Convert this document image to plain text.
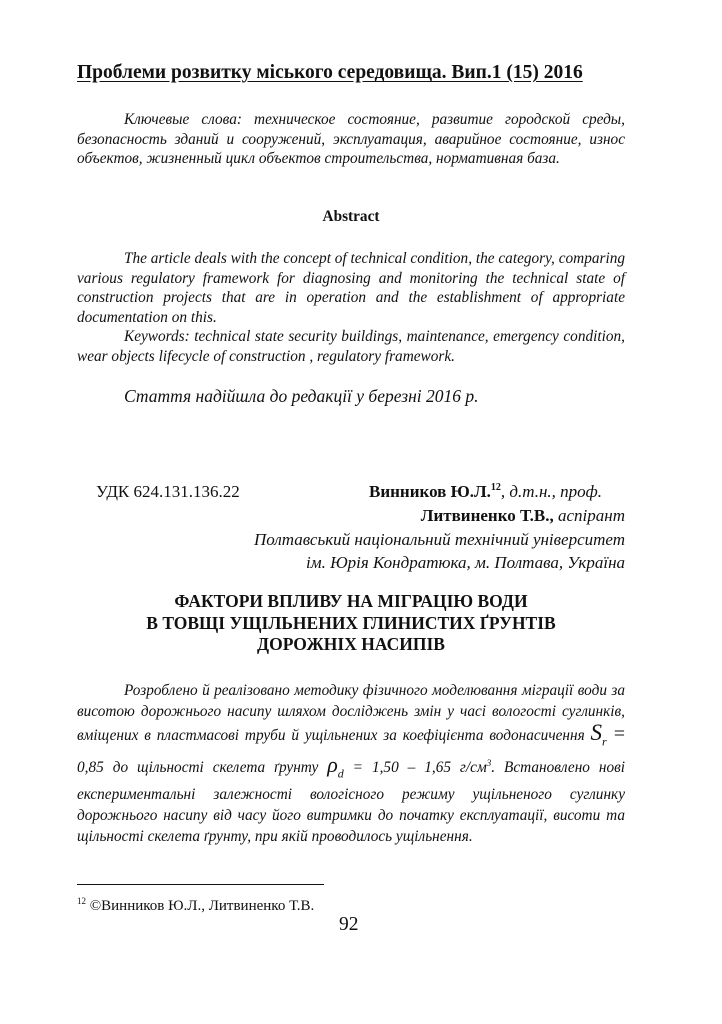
Проблеми розвитку міського середовища. Вип.1 (15) 2016
Ключевые слова: техническое состояние, развитие городской среды, безопасность зданий и сооружений, эксплуатация, аварийное состояние, износ объектов, жизненный цикл объектов строительства, нормативная база.
Abstract
The article deals with the concept of technical condition, the category, comparing various regulatory framework for diagnosing and monitoring the technical state of construction projects that are in operation and the establishment of appropriate documentation on this.
Keywords: technical state security buildings, maintenance, emergency condition, wear objects lifecycle of construction , regulatory framework.
Стаття надійшла до редакції у березні 2016 р.
УДК 624.131.136.22	Винников Ю.Л.$^{12}$, д.т.н., проф.
Литвиненко Т.В., аспірант
Полтавський національний технічний університет
ім. Юрія Кондратюка, м. Полтава, Україна
ФАКТОРИ ВПЛИВУ НА МІГРАЦІЮ ВОДИ
В ТОВЩІ УЩІЛЬНЕНИХ ГЛИНИСТИХ ҐРУНТІВ
ДОРОЖНІХ НАСИПІВ
Розроблено й реалізовано методику фізичного моделювання міграції води за висотою дорожнього насипу шляхом досліджень змін у часі вологості суглинків, вміщених в пластмасові труби й ущільнених за коефіцієнта водонасичення $S_r = 0,85$ до щільності скелета ґрунту $\rho_d = 1,50 - 1,65$ $г/см^3$. Встановлено нові експериментальні залежності вологісного режиму ущільненого суглинку дорожнього насипу від часу його витримки до початку експлуатації, висоти та щільності скелета ґрунту, при якій проводилось ущільнення.
$^{12}$ ©Винников Ю.Л., Литвиненко Т.В.
92
